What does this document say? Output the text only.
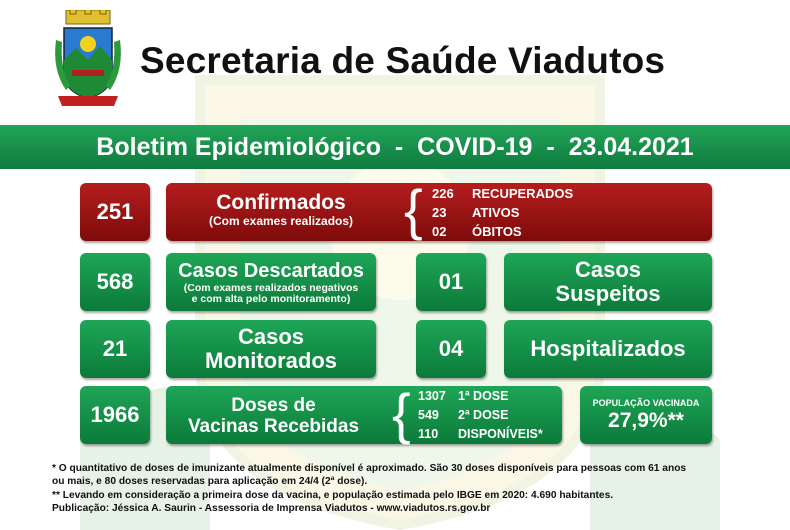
Secretaria de Saúde Viadutos
Boletim Epidemiológico  -  COVID-19  -  23.04.2021
251	Confirmados
(Com exames realizados) { 226	RECUPERADOS
23	ATIVOS
02	ÓBITOS
568 Casos Descartados
(Com exames realizados negativos
e com alta pelo monitoramento)
01	Casos
Suspeitos
21	Casos
Monitorados	04	Hospitalizados
1966	Doses de
Vacinas Recebidas { 1307 1ª DOSE
549	2ª DOSE
110	DISPONÍVEIS*
POPULAÇÃO VACINADA
27,9%**
* O quantitativo de doses de imunizante atualmente disponível é aproximado. São 30 doses disponíveis para pessoas com 61 anos
ou mais, e 80 doses reservadas para aplicação em 24/4 (2ª dose).
** Levando em consideração a primeira dose da vacina, e população estimada pelo IBGE em 2020: 4.690 habitantes.
Publicação: Jéssica A. Saurin - Assessoria de Imprensa Viadutos - www.viadutos.rs.gov.br
